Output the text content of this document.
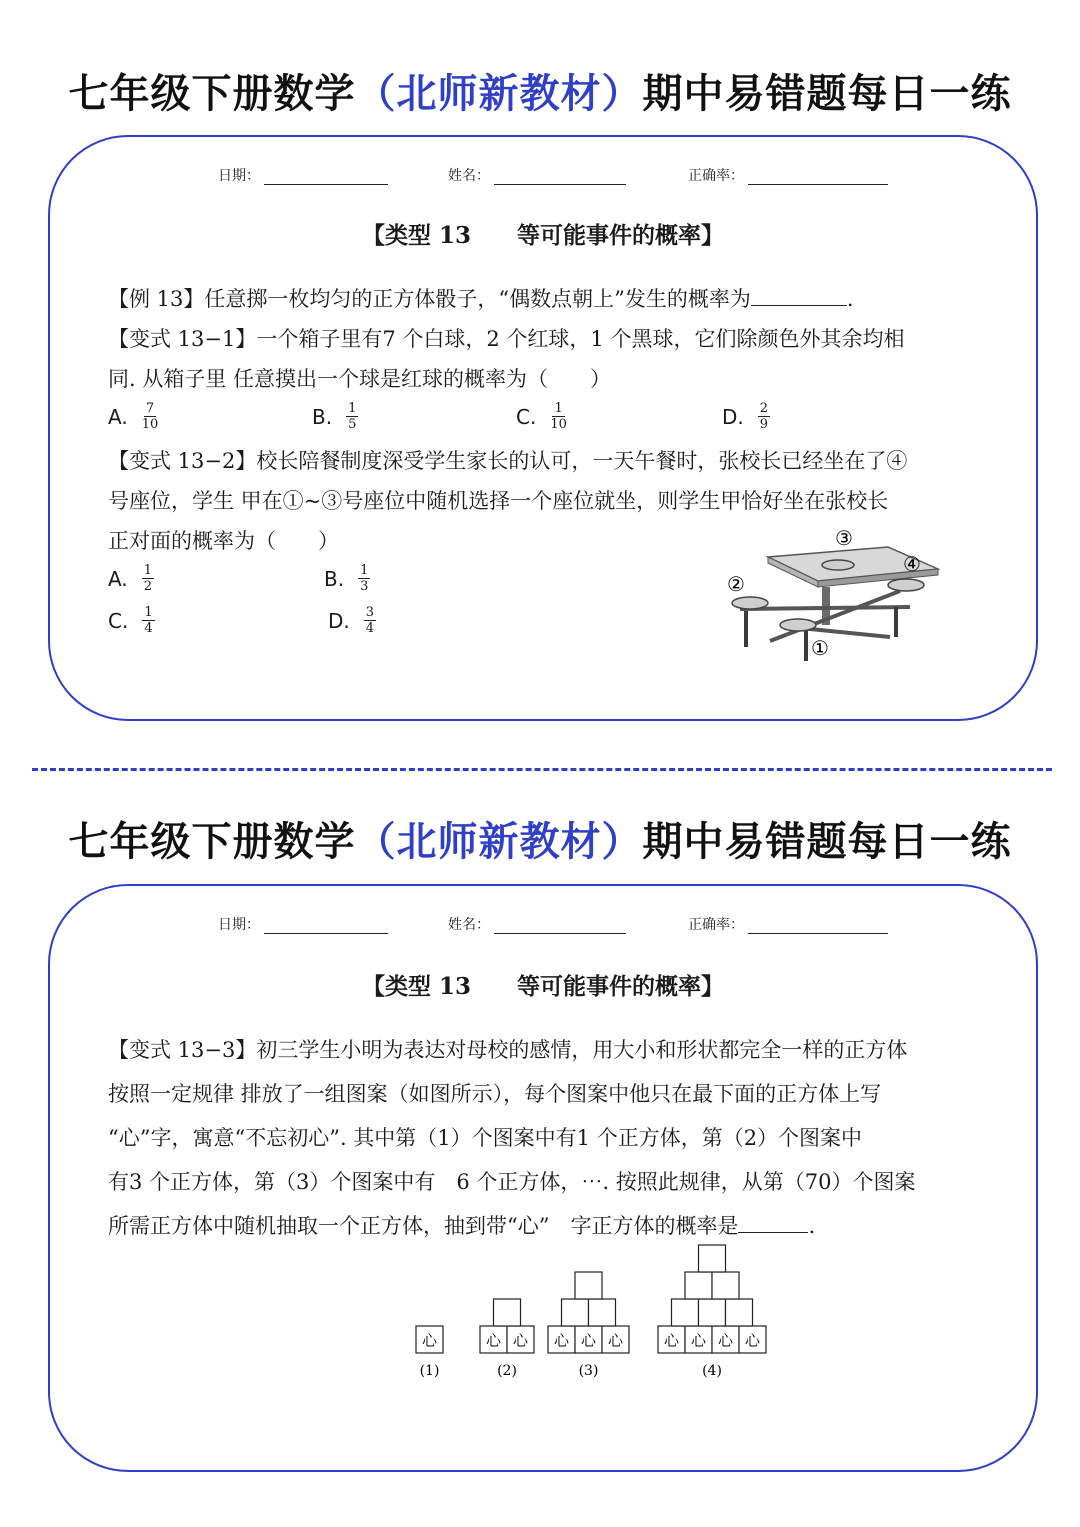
七年级下册数学（北师新教材）期中易错题每日一练
日期：	姓名：	正确率：
【类型 13　　等可能事件的概率】
【例 13】任意掷一枚均匀的正方体骰子，“偶数点朝上”发生的概率为	.
【变式 13−1】一个箱子里有7 个白球，2 个红球，1 个黑球，它们除颜色外其余均相
同. 从箱子里 任意摸出一个球是红球的概率为（　　）
A. $\frac{7}{10}$	B. $\frac{1}{5}$	C. $\frac{1}{10}$	D. $\frac{2}{9}$
【变式 13−2】校长陪餐制度深受学生家长的认可，一天午餐时，张校长已经坐在了④
号座位，学生 甲在①~③号座位中随机选择一个座位就坐，则学生甲恰好坐在张校长
正对面的概率为（　　）
A. $\frac{1}{2}$	B. $\frac{1}{3}$
C. $\frac{1}{4}$	D. $\frac{3}{4}$
①
②
③
④
七年级下册数学（北师新教材）期中易错题每日一练
日期：	姓名：	正确率：
【类型 13　　等可能事件的概率】
【变式 13−3】初三学生小明为表达对母校的感情，用大小和形状都完全一样的正方体
按照一定规律 排放了一组图案（如图所示），每个图案中他只在最下面的正方体上写
“心”字，寓意“不忘初心”. 其中第（1）个图案中有1 个正方体，第（2）个图案中
有3 个正方体，第（3）个图案中有　6 个正方体，⋯. 按照此规律，从第（70）个图案
所需正方体中随机抽取一个正方体，抽到带“心”　字正方体的概率是	.
心
(1)
心 心
(2)
心 心 心
(3)
心 心 心 心
(4)
